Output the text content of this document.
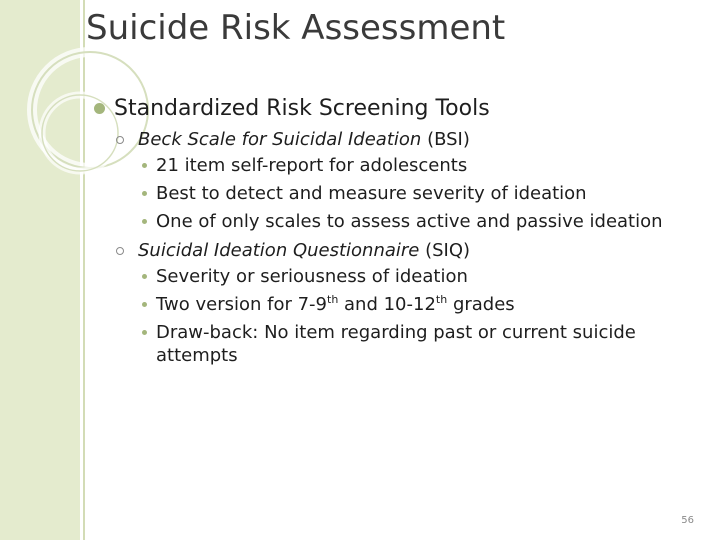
Suicide Risk Assessment
Standardized Risk Screening Tools
Beck Scale for Suicidal Ideation (BSI)
21 item self-report for adolescents
Best to detect and measure severity of ideation
One of only scales to assess active and passive ideation
Suicidal Ideation Questionnaire (SIQ)
Severity or seriousness of ideation
Two version for 7-9th and 10-12th grades
Draw-back: No item regarding past or current suicide attempts
56
